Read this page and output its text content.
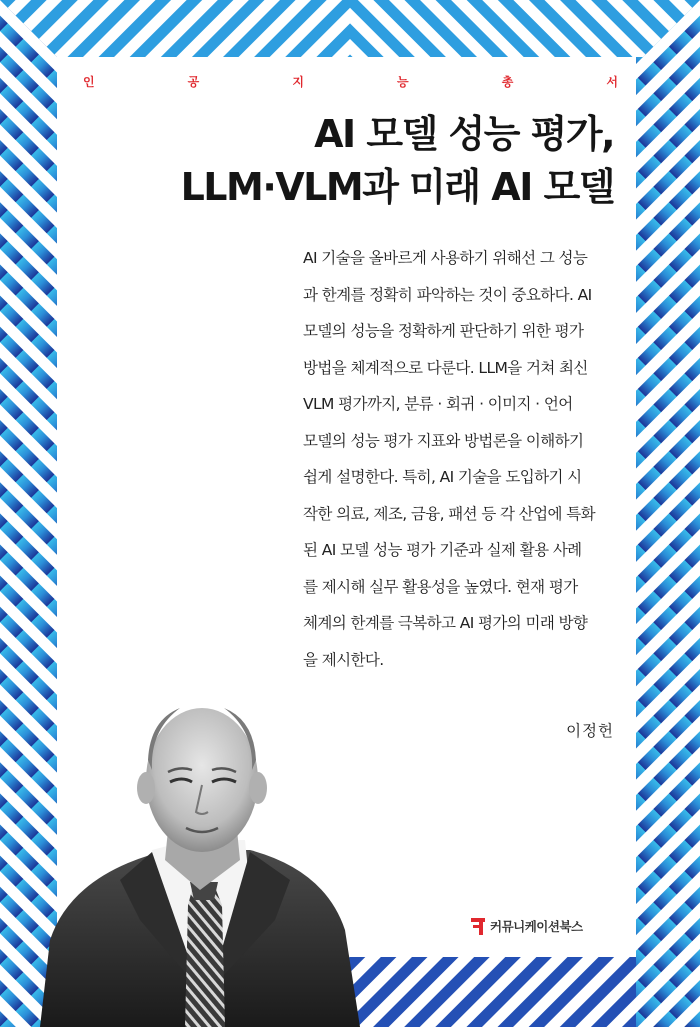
인	공	지	능	총	서
AI 모델 성능 평가,
LLM·VLM과 미래 AI 모델
AI 기술을 올바르게 사용하기 위해선 그 성능
과 한계를 정확히 파악하는 것이 중요하다. AI
모델의 성능을 정확하게 판단하기 위한 평가
방법을 체계적으로 다룬다. LLM을 거쳐 최신
VLM 평가까지, 분류 · 회귀 · 이미지 · 언어
모델의 성능 평가 지표와 방법론을 이해하기
쉽게 설명한다. 특히, AI 기술을 도입하기 시
작한 의료, 제조, 금융, 패션 등 각 산업에 특화
된 AI 모델 성능 평가 기준과 실제 활용 사례
를 제시해 실무 활용성을 높였다. 현재 평가
체계의 한계를 극복하고 AI 평가의 미래 방향
을 제시한다.
이정헌
커뮤니케이션북스
